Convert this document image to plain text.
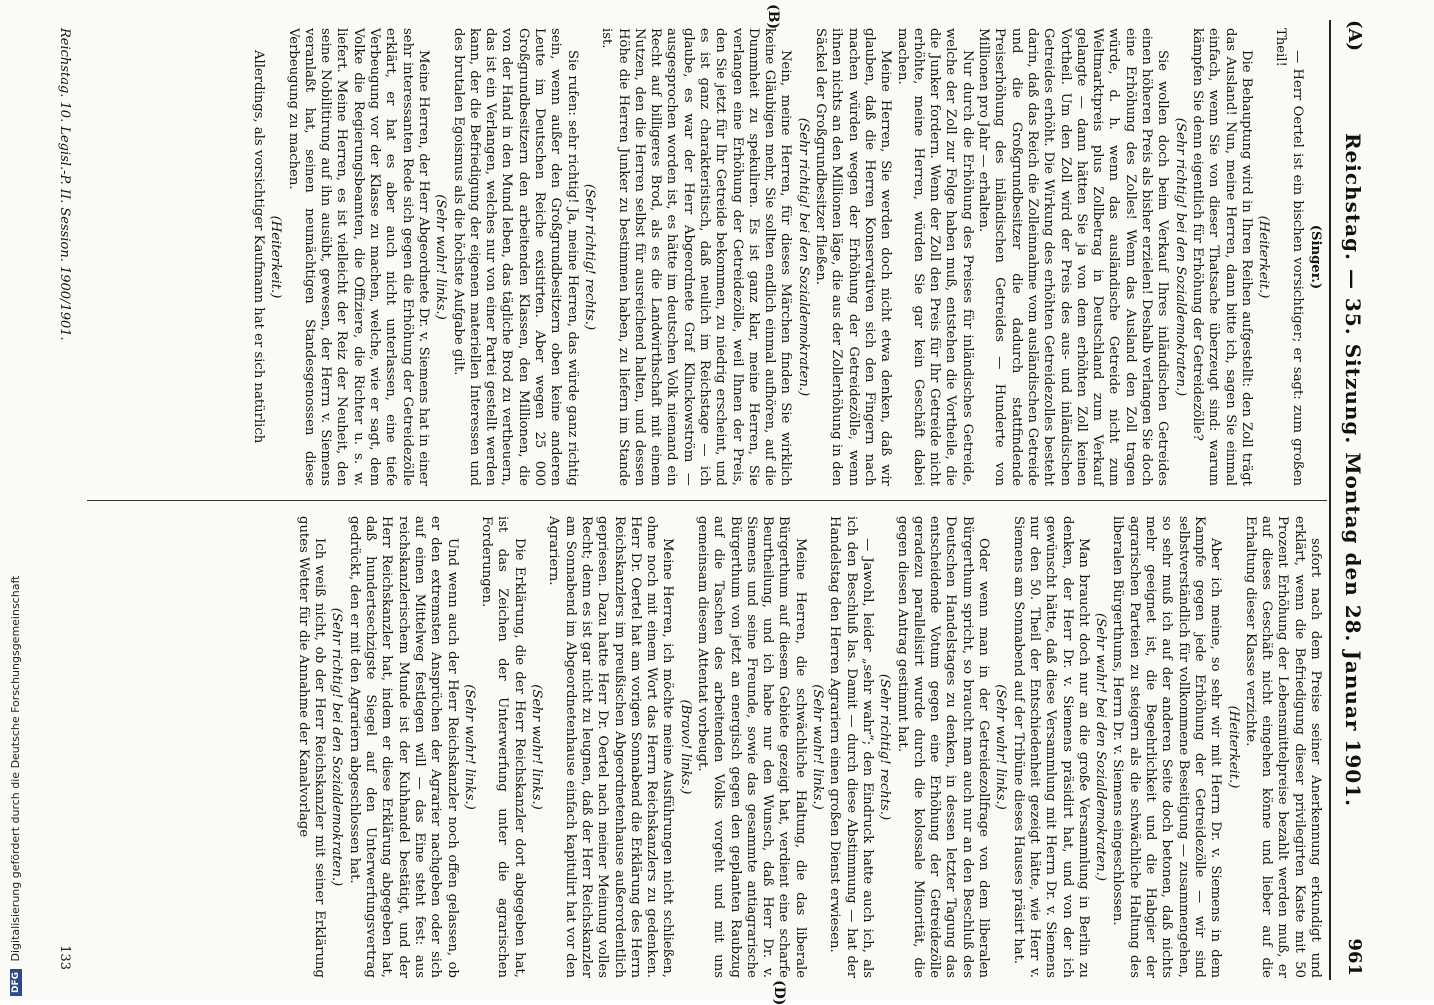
(A)
Reichstag. — 35. Sitzung. Montag den 28. Januar 1901.
961
(B)
(D)

(Singer.)

— Herr Oertel ist ein bischen vorsichtiger; er sagt: zum großen Theil!

(Heiterkeit.)

Die Behauptung wird in Ihren Reihen aufgestellt: den Zoll trägt das Ausland! Nun, meine Herren, dann bitte ich, sagen Sie einmal einfach, wenn Sie von dieser Thatsache überzeugt sind: warum kämpfen Sie denn eigentlich für Erhöhung der Getreidezölle?

(Sehr richtig! bei den Sozialdemokraten.)

Sie wollen doch beim Verkauf Ihres inländischen Getreides einen höheren Preis als bisher erzielen! Deshalb verlangen Sie doch eine Erhöhung des Zolles! Wenn das Ausland den Zoll tragen würde, d. h. wenn das ausländische Getreide nicht zum Weltmarktpreis plus Zollbetrag in Deutschland zum Verkauf gelangte — dann hätten Sie ja von dem erhöhten Zoll keinen Vortheil. Um den Zoll wird der Preis des aus- und inländischen Getreides erhöht. Die Wirkung des erhöhten Getreidezolles besteht darin, daß das Reich die Zolleinnahme vom ausländischen Getreide und die Großgrundbesitzer die dadurch stattfindende Preiserhöhung des inländischen Getreides — Hunderte von Millionen pro Jahr — erhalten.

Nur durch die Erhöhung des Preises für inländisches Getreide, welche der Zoll zur Folge haben muß, entstehen die Vortheile, die die Junker fordern. Wenn der Zoll den Preis für Ihr Getreide nicht erhöhte, meine Herren, würden Sie gar kein Geschäft dabei machen.

Meine Herren, Sie werden doch nicht etwa denken, daß wir glauben, daß die Herren Konservativen sich den Fingern nach machen würden wegen der Erhöhung der Getreidezölle, wenn ihnen nichts an den Millionen läge, die aus der Zollerhöhung in den Säckel der Großgrundbesitzer fließen.

(Sehr richtig! bei den Sozialdemokraten.)

Nein, meine Herren, für dieses Märchen finden Sie wirklich keine Gläubigen mehr, Sie sollten endlich einmal aufhören, auf die Dummheit zu spekuliren. Es ist ganz klar, meine Herren, Sie verlangen eine Erhöhung der Getreidezölle, weil Ihnen der Preis, den Sie jetzt für Ihr Getreide bekommen, zu niedrig erscheint, und es ist ganz charakteristisch, daß neulich im Reichstage — ich glaube, es war der Herr Abgeordnete Graf Klinckowström — ausgesprochen worden ist, es hätte im deutschen Volk niemand ein Recht auf billigeres Brod, als es die Landwirthschaft mit einem Nutzen, den die Herren selbst für ausreichend halten, und dessen Höhe die Herren Junker zu bestimmen haben, zu liefern im Stande ist.

(Sehr richtig! rechts.)

Sie rufen: sehr richtig! Ja, meine Herren, das würde ganz richtig sein, wenn außer den Großgrundbesitzern oben keine anderen Leute im Deutschen Reiche existirten. Aber wegen 25 000 Großgrundbesitzern den arbeitenden Klassen, den Millionen, die von der Hand in den Mund leben, das tägliche Brod zu vertheuern, das ist ein Verlangen, welches nur von einer Partei gestellt werden kann, der die Befriedigung der eigenen materiellen Interessen und des brutalen Egoismus als die höchste Aufgabe gilt.

(Sehr wahr! links.)

Meine Herren, der Herr Abgeordnete Dr. v. Siemens hat in einer sehr interessanten Rede sich gegen die Erhöhung der Getreidezölle erklärt, er hat es aber auch nicht unterlassen, eine tiefe Verbeugung vor der Klasse zu machen, welche, wie er sagt, dem Volke die Regierungsbeamten, die Offiziere, die Richter u. s. w. liefert. Meine Herren, es ist vielleicht der Reiz der Neuheit, den seine Nobilitirung auf ihn ausübt, gewesen, der Herrn v. Siemens veranlaßt hat, seinen neumächtigen Standesgenossen diese Verbeugung zu machen.

(Heiterkeit.)

Allerdings, als vorsichtiger Kaufmann hat er sich natürlich

sofort nach dem Preise seiner Anerkennung erkundigt und erklärt, wenn die Befriedigung dieser privilegirten Kaste mit 50 Prozent Erhöhung der Lebensmittelpreise bezahlt werden muß, er auf dieses Geschäft nicht eingehen könne und lieber auf die Erhaltung dieser Klasse verzichte.

(Heiterkeit.)

Aber ich meine, so sehr wir mit Herrn Dr. v. Siemens in dem Kampfe gegen jede Erhöhung der Getreidezölle — wir sind selbstverständlich für vollkommene Beseitigung — zusammengehen, so sehr muß ich auf der anderen Seite doch betonen, daß nichts mehr geeignet ist, die Begehrlichkeit und die Habgier der agrarischen Parteien zu steigern als die schwächliche Haltung des liberalen Bürgerthums, Herrn Dr. v. Siemens eingeschlossen.

(Sehr wahr! bei den Sozialdemokraten.)

Man braucht doch nur an die große Versammlung in Berlin zu denken, der Herr Dr. v. Siemens präsidirt hat, und von der ich gewünscht hätte, daß diese Versammlung mit Herrn Dr. v. Siemens nur den 50. Theil der Entschiedenheit gezeigt hätte, wie Herr v. Siemens am Sonnabend auf der Tribüne dieses Hauses präsirt hat.

(Sehr wahr! links.)

Oder wenn man in der Getreidezollfrage von dem liberalen Bürgerthum spricht, so braucht man auch nur an den Beschluß des Deutschen Handelstages zu denken, in dessen letzter Tagung das entscheidende Votum gegen eine Erhöhung der Getreidezölle geradezu parallelisirt wurde durch die kolossale Minorität, die gegen diesen Antrag gestimmt hat.

(Sehr richtig! rechts.)

— Jawohl, leider „sehr wahr“; den Eindruck hatte auch ich, als ich den Beschluß las. Damit — durch diese Abstimmung — hat der Handelstag den Herren Agrariern einen großen Dienst erwiesen.

(Sehr wahr! links.)

Meine Herren, die schwächliche Haltung, die das liberale Bürgerthum auf diesem Gebiete gezeigt hat, verdient eine scharfe Beurtheilung, und ich habe nur den Wunsch, daß Herr Dr. v. Siemens und seine Freunde, sowie das gesammte antiagrarische Bürgerthum von jetzt an energisch gegen den geplanten Raubzug auf die Taschen des arbeitenden Volks vorgeht und mit uns gemeinsam diesem Attentat vorbeugt.

(Bravo! links.)

Meine Herren, ich möchte meine Ausführungen nicht schließen, ohne noch mit einem Wort das Herrn Reichskanzlers zu gedenken. Herr Dr. Oertel hat am vorigen Sonnabend die Erklärung des Herrn Reichskanzlers im preußischen Abgeordnetenhause außerordentlich gepriesen. Dazu hatte Herr Dr. Oertel nach meiner Meinung volles Recht; denn es ist gar nicht zu leugnen, daß der Herr Reichskanzler am Sonnabend im Abgeordnetenhause einfach kapitulirt hat vor den Agrariern.

(Sehr wahr! links.)

Die Erklärung, die der Herr Reichskanzler dort abgegeben hat, ist das Zeichen der Unterwerfung unter die agrarischen Forderungen.

(Sehr wahr! links.)

Und wenn auch der Herr Reichskanzler noch offen gelassen, ob er den extremsten Ansprüchen der Agrarier nachgeben oder sich auf einen Mittelweg festlegen will — das Eine steht fest: aus reichskanzlerischem Munde ist der Kuhhandel bestätigt, und der Herr Reichskanzler hat, indem er diese Erklärung abgegeben hat, daß hundertsechzigste Siegel auf den Unterwerfungsvertrag gedrückt, den er mit den Agrariern abgeschlossen hat.

(Sehr richtig! bei den Sozialdemokraten.)

Ich weiß nicht, ob der Herr Reichskanzler mit seiner Erklärung gutes Wetter für die Annahme der Kanalvorlage

Reichstag. 10. Legisl.-P. II. Session. 1900/1901.
133
DFG Digitalisierung gefördert durch die Deutsche Forschungsgemeinschaft
